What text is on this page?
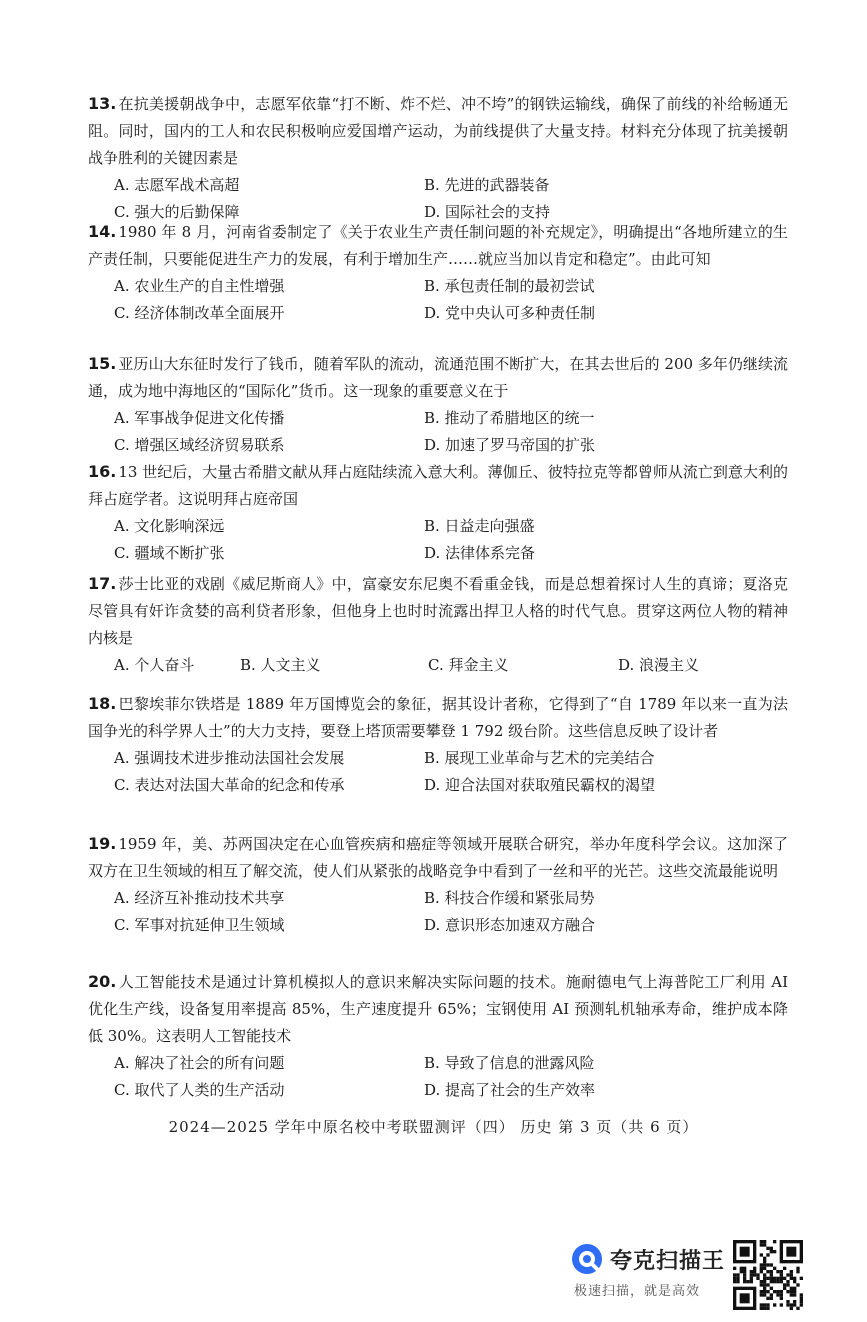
13. 在抗美援朝战争中，志愿军依靠“打不断、炸不烂、冲不垮”的钢铁运输线，确保了前线的补给畅通无阻。同时，国内的工人和农民积极响应爱国增产运动，为前线提供了大量支持。材料充分体现了抗美援朝战争胜利的关键因素是

A. 志愿军战术高超	B. 先进的武器装备
C. 强大的后勤保障	D. 国际社会的支持

14. 1980 年 8 月，河南省委制定了《关于农业生产责任制问题的补充规定》，明确提出“各地所建立的生产责任制，只要能促进生产力的发展，有利于增加生产……就应当加以肯定和稳定”。由此可知

A. 农业生产的自主性增强	B. 承包责任制的最初尝试
C. 经济体制改革全面展开	D. 党中央认可多种责任制

15. 亚历山大东征时发行了钱币，随着军队的流动，流通范围不断扩大，在其去世后的 200 多年仍继续流通，成为地中海地区的“国际化”货币。这一现象的重要意义在于

A. 军事战争促进文化传播	B. 推动了希腊地区的统一
C. 增强区域经济贸易联系	D. 加速了罗马帝国的扩张

16. 13 世纪后，大量古希腊文献从拜占庭陆续流入意大利。薄伽丘、彼特拉克等都曾师从流亡到意大利的拜占庭学者。这说明拜占庭帝国

A. 文化影响深远	B. 日益走向强盛
C. 疆域不断扩张	D. 法律体系完备

17. 莎士比亚的戏剧《威尼斯商人》中，富豪安东尼奥不看重金钱，而是总想着探讨人生的真谛；夏洛克尽管具有奸诈贪婪的高利贷者形象，但他身上也时时流露出捍卫人格的时代气息。贯穿这两位人物的精神内核是

A. 个人奋斗	B. 人文主义	C. 拜金主义	D. 浪漫主义

18. 巴黎埃菲尔铁塔是 1889 年万国博览会的象征，据其设计者称，它得到了“自 1789 年以来一直为法国争光的科学界人士”的大力支持，要登上塔顶需要攀登 1 792 级台阶。这些信息反映了设计者

A. 强调技术进步推动法国社会发展	B. 展现工业革命与艺术的完美结合
C. 表达对法国大革命的纪念和传承	D. 迎合法国对获取殖民霸权的渴望

19. 1959 年，美、苏两国决定在心血管疾病和癌症等领域开展联合研究，举办年度科学会议。这加深了双方在卫生领域的相互了解交流，使人们从紧张的战略竞争中看到了一丝和平的光芒。这些交流最能说明

A. 经济互补推动技术共享	B. 科技合作缓和紧张局势
C. 军事对抗延伸卫生领域	D. 意识形态加速双方融合

20. 人工智能技术是通过计算机模拟人的意识来解决实际问题的技术。施耐德电气上海普陀工厂利用 AI 优化生产线，设备复用率提高 85%，生产速度提升 65%；宝钢使用 AI 预测轧机轴承寿命，维护成本降低 30%。这表明人工智能技术

A. 解决了社会的所有问题	B. 导致了信息的泄露风险
C. 取代了人类的生产活动	D. 提高了社会的生产效率
2024—2025 学年中原名校中考联盟测评（四） 历史 第 3 页（共 6 页）
夸克扫描王
极速扫描，就是高效
